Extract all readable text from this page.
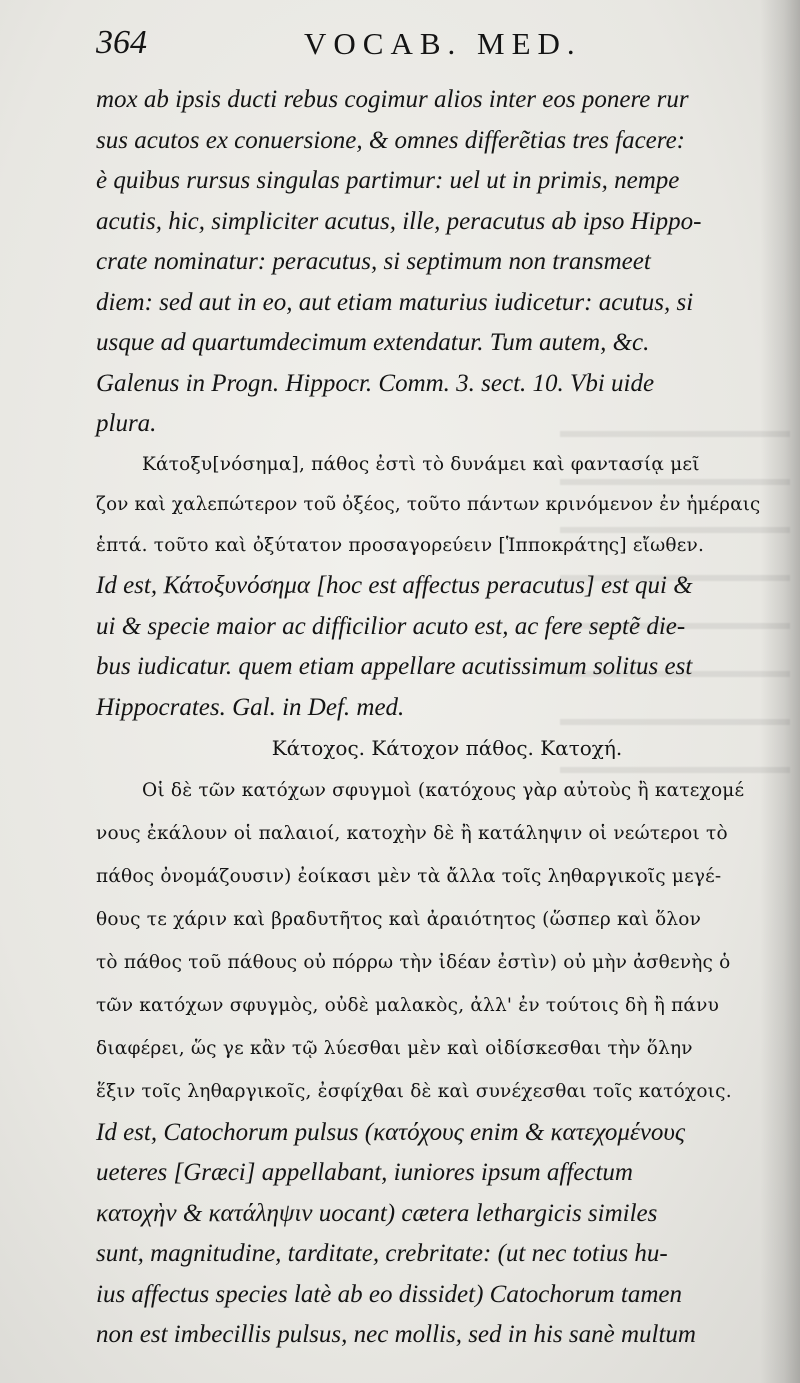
364	VOCAB. MED.
mox ab ipsis ducti rebus cogimur alios inter eos ponere rur
sus acutos ex conuersione, & omnes differẽtias tres facere:
è quibus rursus singulas partimur: uel ut in primis, nempe
acutis, hic, simpliciter acutus, ille, peracutus ab ipso Hippo-
crate nominatur: peracutus, si septimum non transmeet
diem: sed aut in eo, aut etiam maturius iudicetur: acutus, si
usque ad quartumdecimum extendatur. Tum autem, &c.
Galenus in Progn. Hippocr. Comm. 3. sect. 10. Vbi uide
plura.
Κάτοξυ[νόσημα], πάθος ἐστὶ τὸ δυνάμει καὶ φαντασίᾳ μεῖ
ζον καὶ χαλεπώτερον τοῦ ὀξέος, τοῦτο πάντων κρινόμενον ἐν ἡμέραις
ἑπτά. τοῦτο καὶ ὀξύτατον προσαγορεύειν [Ἱπποκράτης] εἴωθεν.
Id est, Κάτοξυνόσημα [hoc est affectus peracutus] est qui &
ui & specie maior ac difficilior acuto est, ac fere septẽ die-
bus iudicatur. quem etiam appellare acutissimum solitus est
Hippocrates. Gal. in Def. med.
Κάτοχος. Κάτοχον πάθος. Κατοχή.
Οἱ δὲ τῶν κατόχων σφυγμοὶ (κατόχους γὰρ αὐτοὺς ἢ κατεχομέ
νους ἐκάλουν οἱ παλαιοί, κατοχὴν δὲ ἢ κατάληψιν οἱ νεώτεροι τὸ
πάθος ὀνομάζουσιν) ἐοίκασι μὲν τὰ ἄλλα τοῖς ληθαργικοῖς μεγέ-
θους τε χάριν καὶ βραδυτῆτος καὶ ἀραιότητος (ὥσπερ καὶ ὅλον
τὸ πάθος τοῦ πάθους οὐ πόρρω τὴν ἰδέαν ἐστὶν) οὐ μὴν ἀσθενὴς ὁ
τῶν κατόχων σφυγμὸς, οὐδὲ μαλακὸς, ἀλλ' ἐν τούτοις δὴ ἢ πάνυ
διαφέρει, ὥς γε κἂν τῷ λύεσθαι μὲν καὶ οἰδίσκεσθαι τὴν ὅλην
ἕξιν τοῖς ληθαργικοῖς, ἐσφίχθαι δὲ καὶ συνέχεσθαι τοῖς κατόχοις.
Id est, Catochorum pulsus (κατόχους enim & κατεχομένους
ueteres [Græci] appellabant, iuniores ipsum affectum
κατοχὴν & κατάληψιν uocant) cætera lethargicis similes
sunt, magnitudine, tarditate, crebritate: (ut nec totius hu-
ius affectus species latè ab eo dissidet) Catochorum tamen
non est imbecillis pulsus, nec mollis, sed in his sanè multum
